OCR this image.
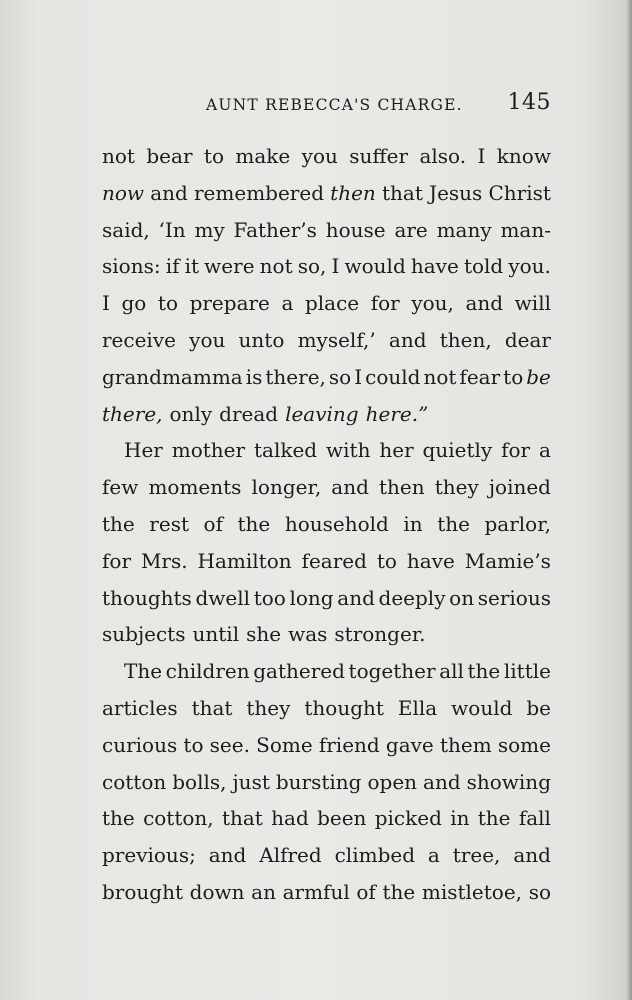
AUNT REBECCA'S CHARGE. 145
not bear to make you suffer also. I know
now and remembered then that Jesus Christ
said, ‘In my Father’s house are many man-
sions: if it were not so, I would have told you.
I go to prepare a place for you, and will
receive you unto myself,’ and then, dear
grandmamma is there, so I could not fear to be
there, only dread leaving here.”
Her mother talked with her quietly for a
few moments longer, and then they joined
the rest of the household in the parlor,
for Mrs. Hamilton feared to have Mamie’s
thoughts dwell too long and deeply on serious
subjects until she was stronger.
The children gathered together all the little
articles that they thought Ella would be
curious to see. Some friend gave them some
cotton bolls, just bursting open and showing
the cotton, that had been picked in the fall
previous; and Alfred climbed a tree, and
brought down an armful of the mistletoe, so
